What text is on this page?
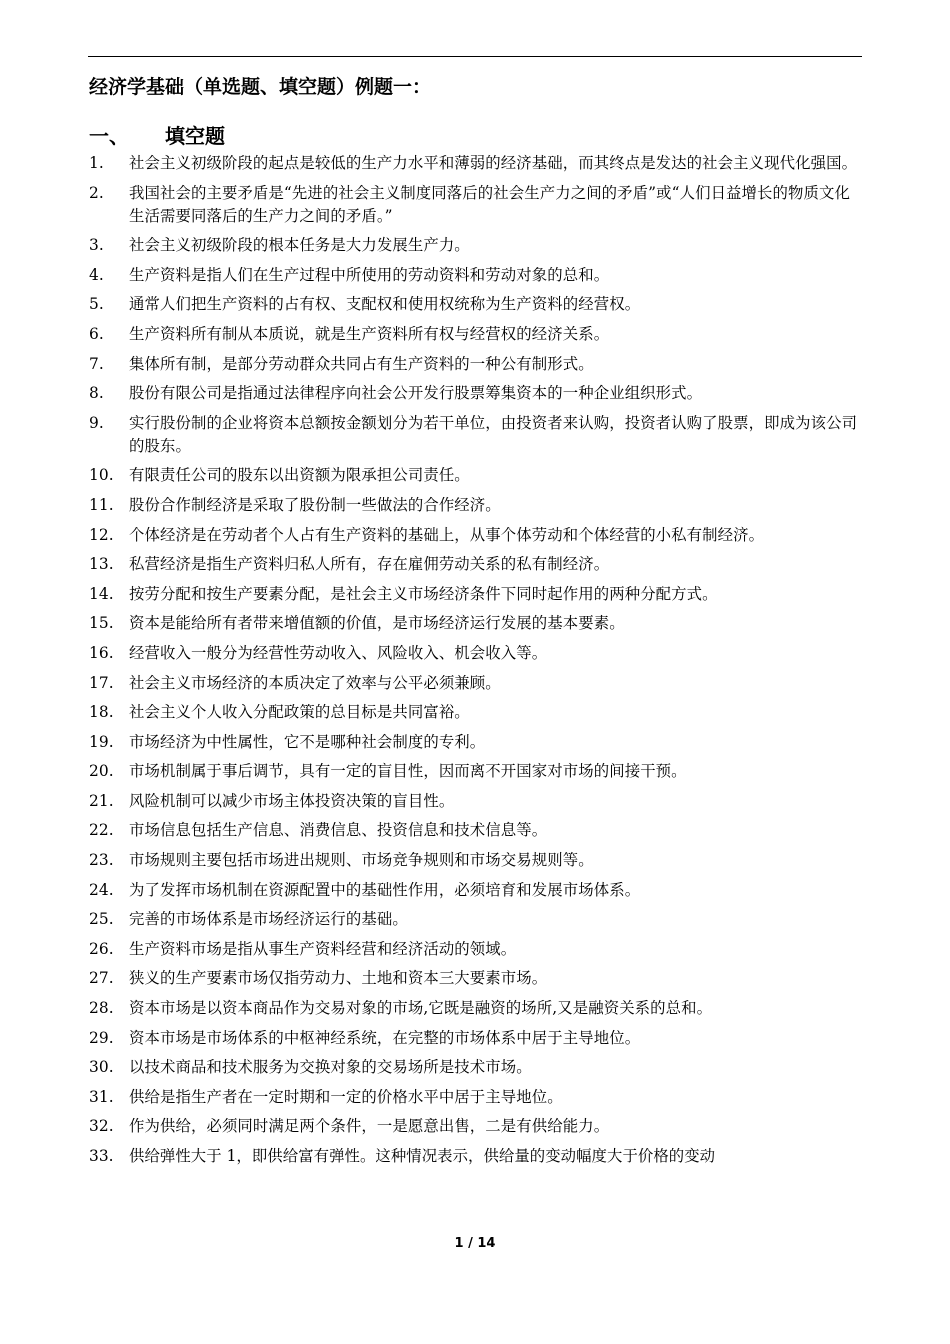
经济学基础（单选题、填空题）例题一：
一、 填空题
1.	社会主义初级阶段的起点是较低的生产力水平和薄弱的经济基础，而其终点是发达的社会主义现代化强国。
2.	我国社会的主要矛盾是“先进的社会主义制度同落后的社会生产力之间的矛盾”或“人们日益增长的物质文化生活需要同落后的生产力之间的矛盾。”
3.	社会主义初级阶段的根本任务是大力发展生产力。
4.	生产资料是指人们在生产过程中所使用的劳动资料和劳动对象的总和。
5.	通常人们把生产资料的占有权、支配权和使用权统称为生产资料的经营权。
6.	生产资料所有制从本质说，就是生产资料所有权与经营权的经济关系。
7.	集体所有制，是部分劳动群众共同占有生产资料的一种公有制形式。
8.	股份有限公司是指通过法律程序向社会公开发行股票筹集资本的一种企业组织形式。
9.	实行股份制的企业将资本总额按金额划分为若干单位，由投资者来认购，投资者认购了股票，即成为该公司的股东。
10. 有限责任公司的股东以出资额为限承担公司责任。
11. 股份合作制经济是采取了股份制一些做法的合作经济。
12. 个体经济是在劳动者个人占有生产资料的基础上，从事个体劳动和个体经营的小私有制经济。
13. 私营经济是指生产资料归私人所有，存在雇佣劳动关系的私有制经济。
14. 按劳分配和按生产要素分配，是社会主义市场经济条件下同时起作用的两种分配方式。
15. 资本是能给所有者带来增值额的价值，是市场经济运行发展的基本要素。
16. 经营收入一般分为经营性劳动收入、风险收入、机会收入等。
17. 社会主义市场经济的本质决定了效率与公平必须兼顾。
18. 社会主义个人收入分配政策的总目标是共同富裕。
19. 市场经济为中性属性，它不是哪种社会制度的专利。
20. 市场机制属于事后调节，具有一定的盲目性，因而离不开国家对市场的间接干预。
21. 风险机制可以减少市场主体投资决策的盲目性。
22. 市场信息包括生产信息、消费信息、投资信息和技术信息等。
23. 市场规则主要包括市场进出规则、市场竞争规则和市场交易规则等。
24. 为了发挥市场机制在资源配置中的基础性作用，必须培育和发展市场体系。
25. 完善的市场体系是市场经济运行的基础。
26. 生产资料市场是指从事生产资料经营和经济活动的领域。
27. 狭义的生产要素市场仅指劳动力、土地和资本三大要素市场。
28. 资本市场是以资本商品作为交易对象的市场,它既是融资的场所,又是融资关系的总和。
29. 资本市场是市场体系的中枢神经系统，在完整的市场体系中居于主导地位。
30. 以技术商品和技术服务为交换对象的交易场所是技术市场。
31. 供给是指生产者在一定时期和一定的价格水平中居于主导地位。
32. 作为供给，必须同时满足两个条件，一是愿意出售，二是有供给能力。
33. 供给弹性大于 1，即供给富有弹性。这种情况表示，供给量的变动幅度大于价格的变动
1 / 14
